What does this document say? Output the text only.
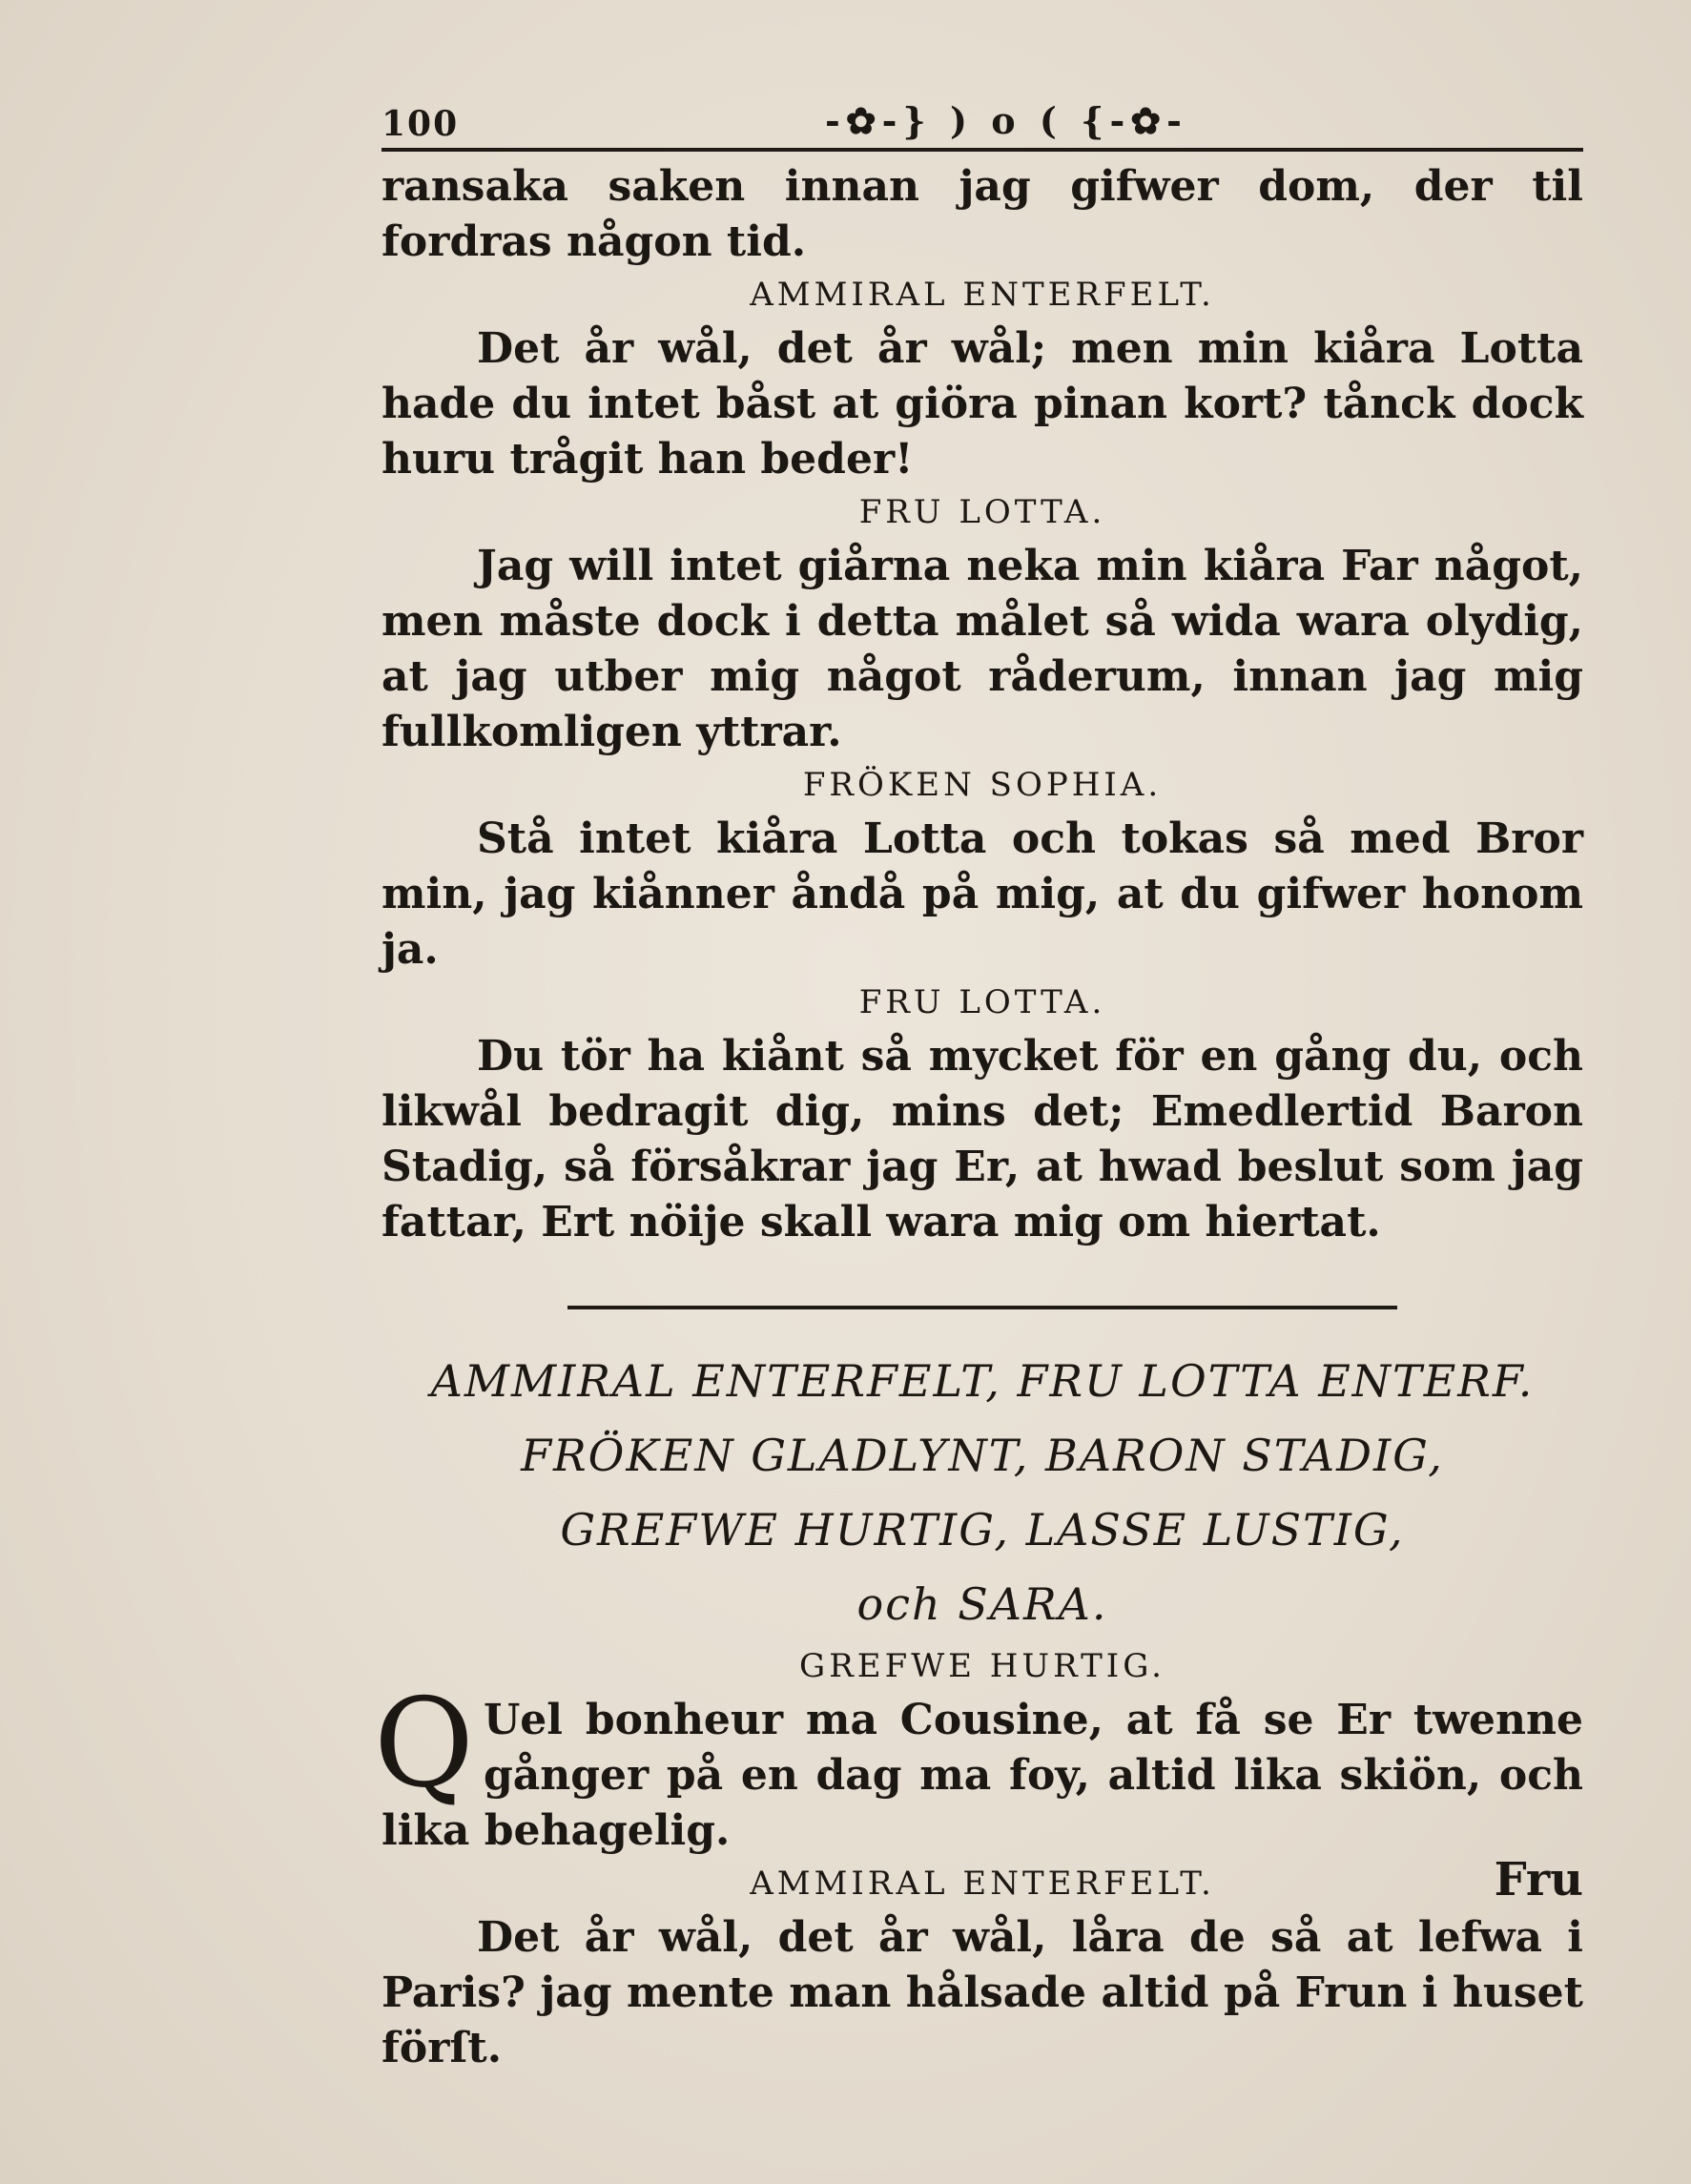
100	-✿-} ) o ( {-✿-

ransaka saken innan jag gifwer dom, der til fordras någon tid.

AMMIRAL ENTERFELT.

Det år wål, det år wål; men min kiåra Lotta hade du intet båst at giöra pinan kort? tånck dock huru trågit han beder!

FRU LOTTA.

Jag will intet giårna neka min kiåra Far något, men måste dock i detta målet så wida wara olydig, at jag utber mig något råderum, innan jag mig fullkomligen yttrar.

FRÖKEN SOPHIA.

Stå intet kiåra Lotta och tokas så med Bror min, jag kiånner åndå på mig, at du gifwer honom ja.

FRU LOTTA.

Du tör ha kiånt så mycket för en gång du, och likwål bedragit dig, mins det; Emedlertid Baron Stadig, så försåkrar jag Er, at hwad beslut som jag fattar, Ert nöije skall wara mig om hiertat.

AMMIRAL ENTERFELT, FRU LOTTA ENTERF.
FRÖKEN GLADLYNT, BARON STADIG,
GREFWE HURTIG, LASSE LUSTIG,
och SARA.
GREFWE HURTIG.

Q Uel bonheur ma Cousine, at få se Er twenne gånger på en dag ma foy, altid lika skiön, och lika behagelig.

AMMIRAL ENTERFELT.

Det år wål, det år wål, låra de så at lefwa i Paris? jag mente man hålsade altid på Frun i huset förſt.

Fru
